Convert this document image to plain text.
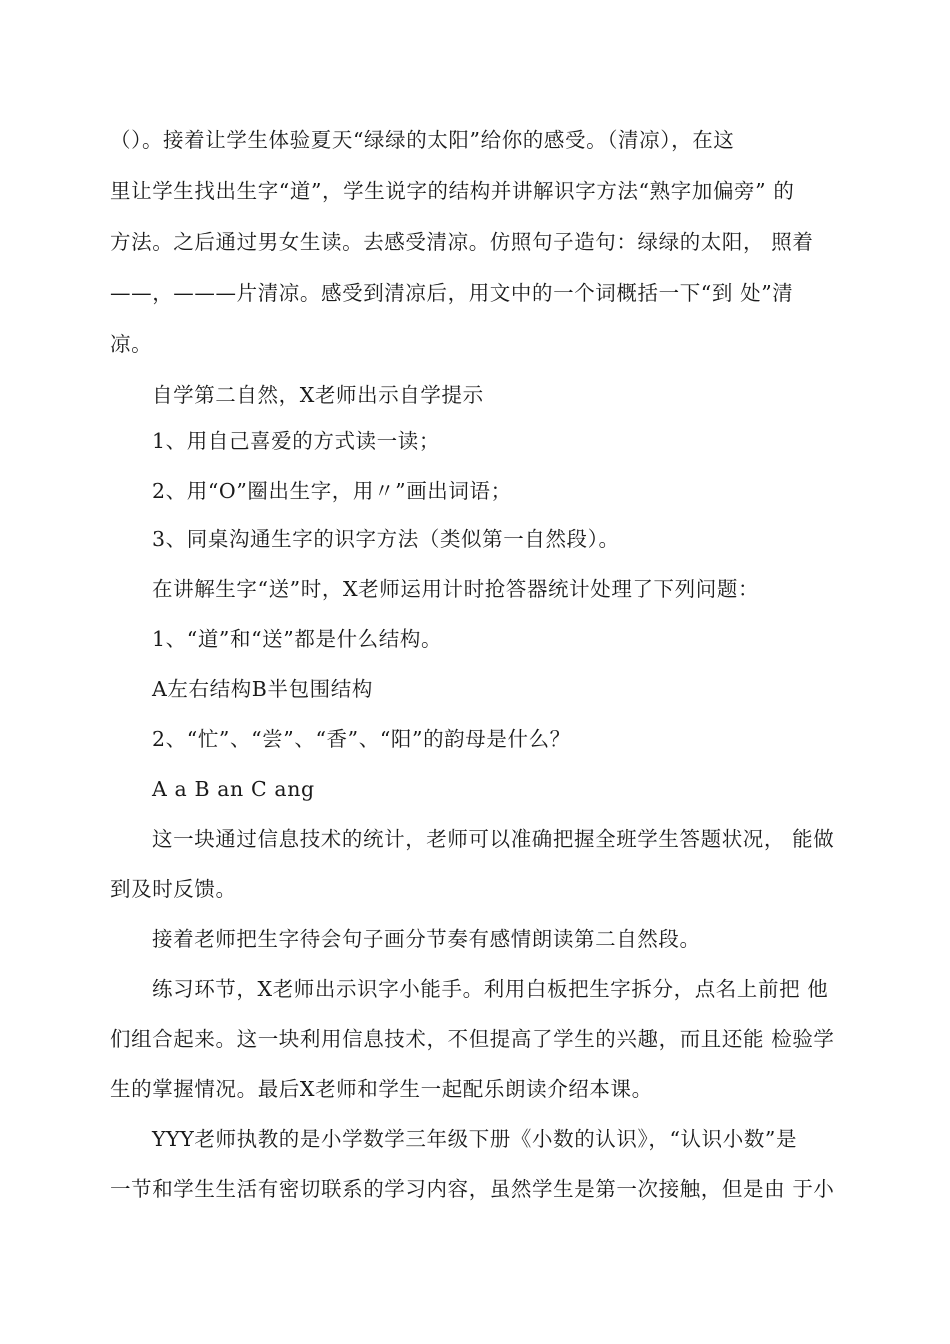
（）。接着让学生体验夏天“绿绿的太阳”给你的感受。（清凉），在这
里让学生找出生字“道”，学生说字的结构并讲解识字方法“熟字加偏旁” 的
方法。之后通过男女生读。去感受清凉。仿照句子造句：绿绿的太阳， 照着
——，———片清凉。感受到清凉后，用文中的一个词概括一下“到 处”清
凉。
自学第二自然，X老师出示自学提示
1、用自己喜爱的方式读一读；
2、用“O”圈出生字，用〃”画出词语；
3、同桌沟通生字的识字方法（类似第一自然段）。
在讲解生字“送”时，X老师运用计时抢答器统计处理了下列问题：
1、“道”和“送”都是什么结构。
A左右结构B半包围结构
2、“忙”、“尝”、“香”、“阳”的韵母是什么？
A a B an C ang
这一块通过信息技术的统计，老师可以准确把握全班学生答题状况， 能做
到及时反馈。
接着老师把生字待会句子画分节奏有感情朗读第二自然段。
练习环节，X老师出示识字小能手。利用白板把生字拆分，点名上前把 他
们组合起来。这一块利用信息技术，不但提高了学生的兴趣，而且还能 检验学
生的掌握情况。最后X老师和学生一起配乐朗读介绍本课。
YYY老师执教的是小学数学三年级下册《小数的认识》，“认识小数”是
一节和学生生活有密切联系的学习内容，虽然学生是第一次接触，但是由 于小
